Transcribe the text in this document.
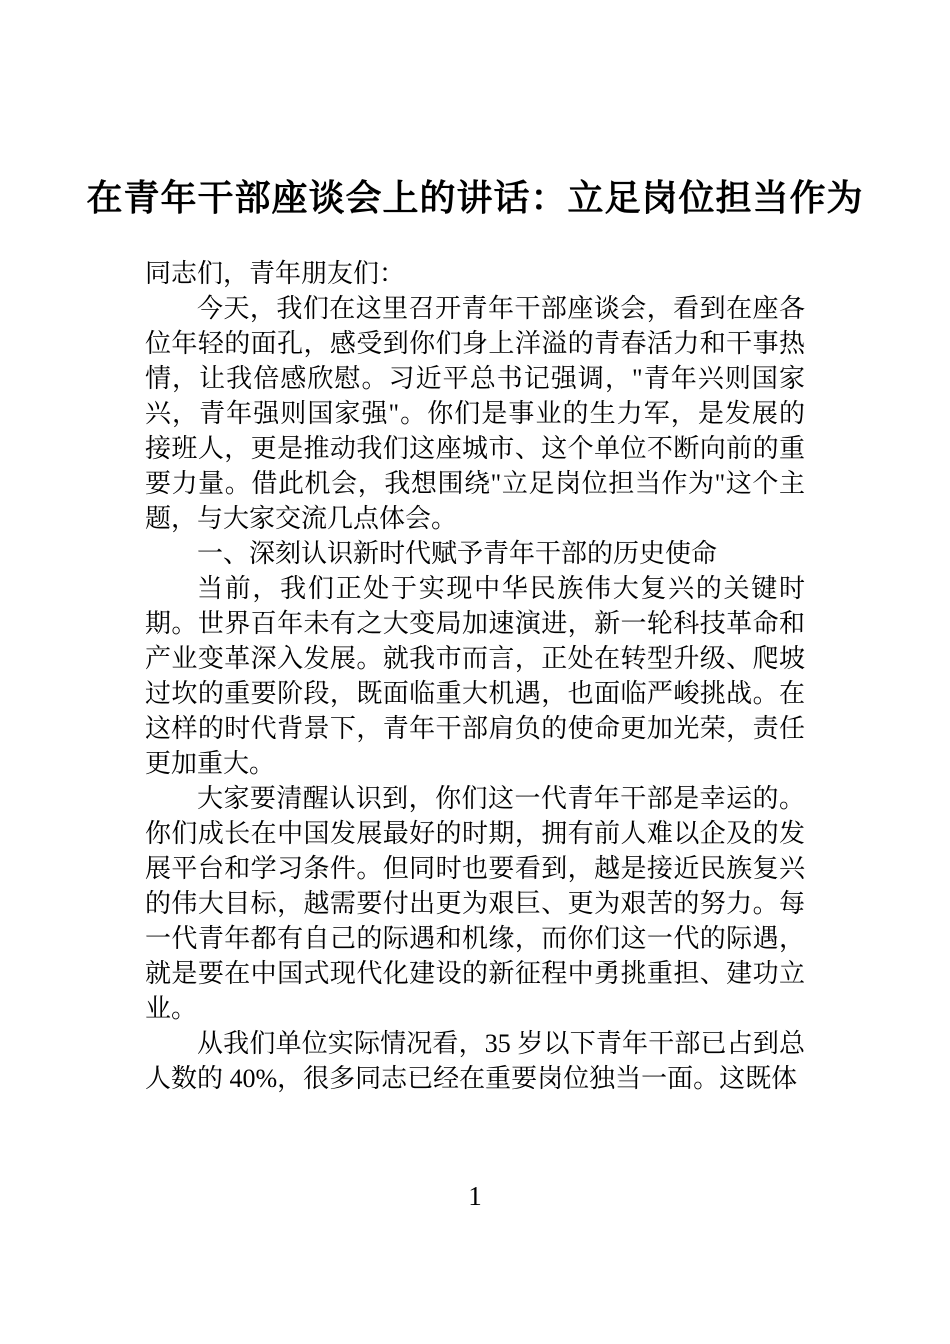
在青年干部座谈会上的讲话：立足岗位担当作为

同志们，青年朋友们：

今天，我们在这里召开青年干部座谈会，看到在座各位年轻的面孔，感受到你们身上洋溢的青春活力和干事热情，让我倍感欣慰。习近平总书记强调，"青年兴则国家兴，青年强则国家强"。你们是事业的生力军，是发展的接班人，更是推动我们这座城市、这个单位不断向前的重要力量。借此机会，我想围绕"立足岗位担当作为"这个主题，与大家交流几点体会。

一、深刻认识新时代赋予青年干部的历史使命

当前，我们正处于实现中华民族伟大复兴的关键时期。世界百年未有之大变局加速演进，新一轮科技革命和产业变革深入发展。就我市而言，正处在转型升级、爬坡过坎的重要阶段，既面临重大机遇，也面临严峻挑战。在这样的时代背景下，青年干部肩负的使命更加光荣，责任更加重大。

大家要清醒认识到，你们这一代青年干部是幸运的。你们成长在中国发展最好的时期，拥有前人难以企及的发展平台和学习条件。但同时也要看到，越是接近民族复兴的伟大目标，越需要付出更为艰巨、更为艰苦的努力。每一代青年都有自己的际遇和机缘，而你们这一代的际遇，就是要在中国式现代化建设的新征程中勇挑重担、建功立业。

从我们单位实际情况看，35 岁以下青年干部已占到总人数的 40%，很多同志已经在重要岗位独当一面。这既体

1
